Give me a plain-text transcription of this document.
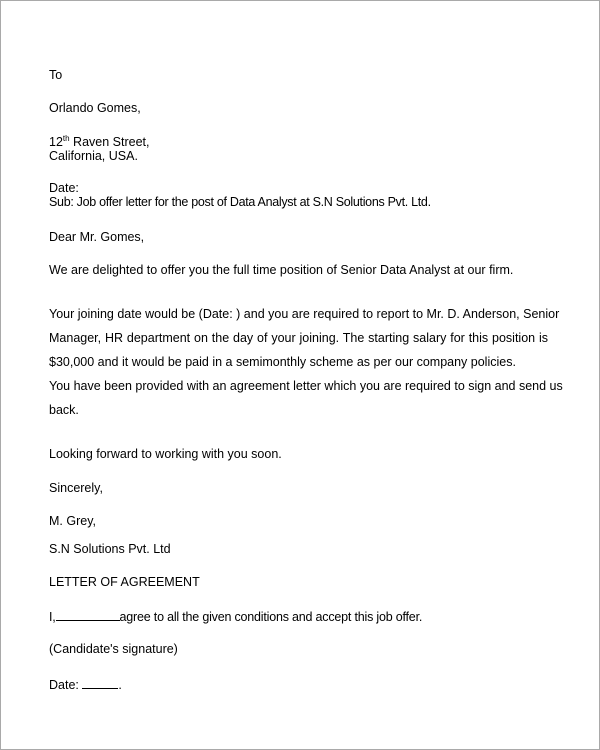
To
Orlando Gomes,
12th Raven Street,
California, USA.
Date:
Sub: Job offer letter for the post of Data Analyst at S.N Solutions Pvt. Ltd.
Dear Mr. Gomes,
We are delighted to offer you the full time position of Senior Data Analyst at our firm.
Your joining date would be (Date: ) and you are required to report to Mr. D. Anderson, Senior
Manager, HR department on the day of your joining. The starting salary for this position is
$30,000 and it would be paid in a semimonthly scheme as per our company policies.
You have been provided with an agreement letter which you are required to sign and send us
back.
Looking forward to working with you soon.
Sincerely,
M. Grey,
S.N Solutions Pvt. Ltd
LETTER OF AGREEMENT
I,	agree to all the given conditions and accept this job offer.
(Candidate's signature)
Date:	.
